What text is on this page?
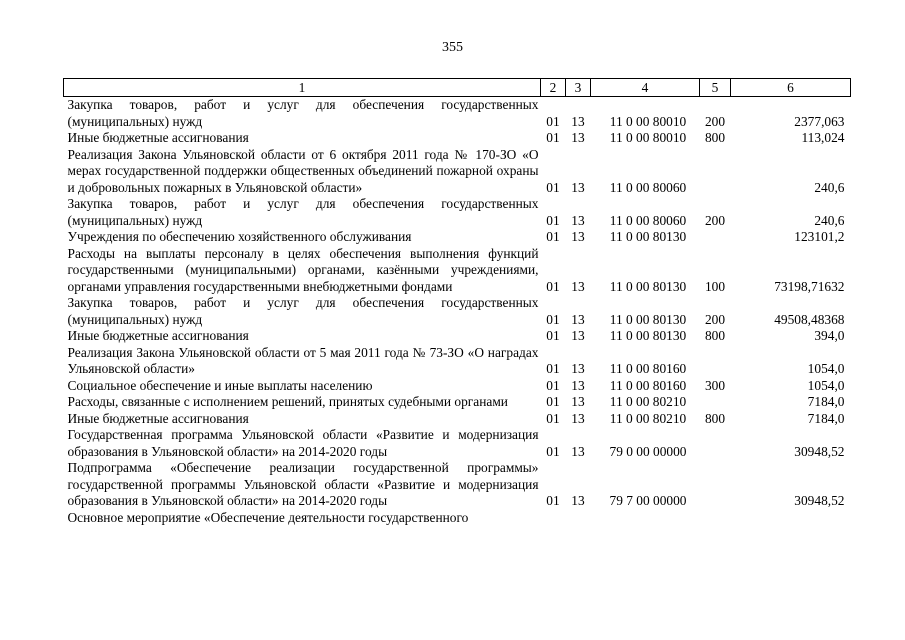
355
1	2	3	4	5	6
Закупка товаров, работ и услуг для обеспечения государственных (муниципальных) нужд	01	13	11 0 00 80010	200	2377,063
Иные бюджетные ассигнования	01	13	11 0 00 80010	800	113,024
Реализация Закона Ульяновской области от 6 октября 2011 года № 170-ЗО «О мерах государственной поддержки общественных объединений пожарной охраны и добровольных пожарных в Ульяновской области»	01	13	11 0 00 80060		240,6
Закупка товаров, работ и услуг для обеспечения государственных (муниципальных) нужд	01	13	11 0 00 80060	200	240,6
Учреждения по обеспечению хозяйственного обслуживания	01	13	11 0 00 80130		123101,2
Расходы на выплаты персоналу в целях обеспечения выполнения функций государственными (муниципальными) органами, казёнными учреждениями, органами управления государственными внебюджетными фондами	01	13	11 0 00 80130	100	73198,71632
Закупка товаров, работ и услуг для обеспечения государственных (муниципальных) нужд	01	13	11 0 00 80130	200	49508,48368
Иные бюджетные ассигнования	01	13	11 0 00 80130	800	394,0
Реализация Закона Ульяновской области от 5 мая 2011 года № 73-ЗО «О наградах Ульяновской области»	01	13	11 0 00 80160		1054,0
Социальное обеспечение и иные выплаты населению	01	13	11 0 00 80160	300	1054,0
Расходы, связанные с исполнением решений, принятых судебными органами	01	13	11 0 00 80210		7184,0
Иные бюджетные ассигнования	01	13	11 0 00 80210	800	7184,0
Государственная программа Ульяновской области «Развитие и модернизация образования в Ульяновской области» на 2014-2020 годы	01	13	79 0 00 00000		30948,52
Подпрограмма «Обеспечение реализации государственной программы» государственной программы Ульяновской области «Развитие и модернизация образования в Ульяновской области» на 2014-2020 годы	01	13	79 7 00 00000		30948,52
Основное мероприятие «Обеспечение деятельности государственного					
